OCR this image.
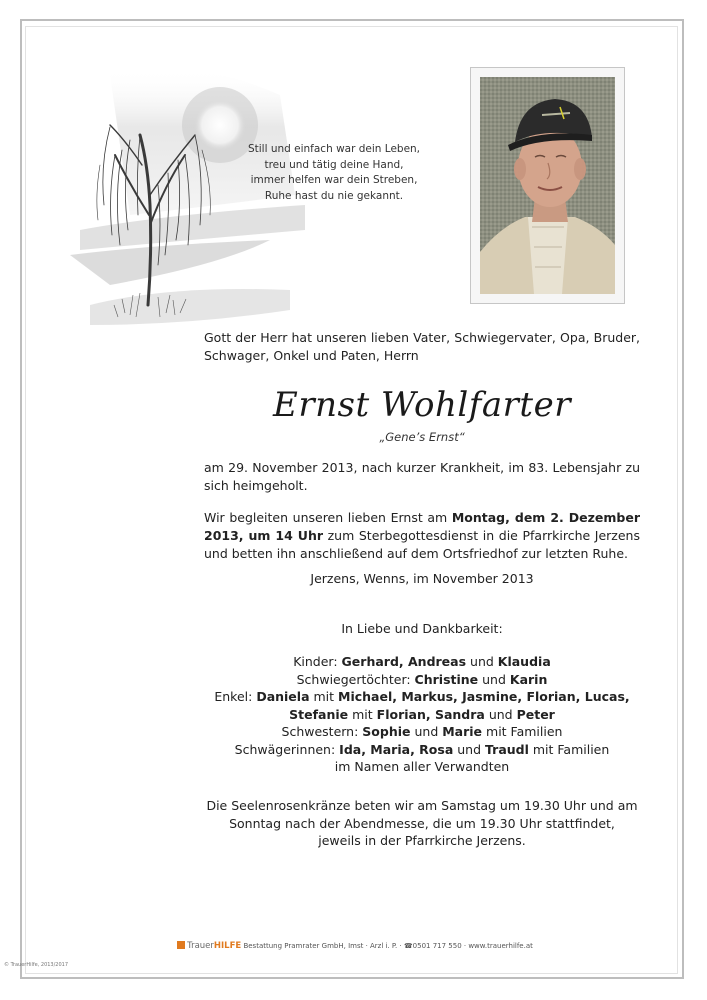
Still und einfach war dein Leben,
treu und tätig deine Hand,
immer helfen war dein Streben,
Ruhe hast du nie gekannt.
Gott der Herr hat unseren lieben Vater, Schwiegervater, Opa, Bruder, Schwager, Onkel und Paten, Herrn
Ernst Wohlfarter
„Gene’s Ernst“
am 29. November 2013, nach kurzer Krankheit, im 83. Lebensjahr zu sich heimgeholt.
Wir begleiten unseren lieben Ernst am Montag, dem 2. Dezember 2013, um 14 Uhr zum Sterbegottesdienst in die Pfarrkirche Jerzens und betten ihn anschließend auf dem Ortsfriedhof zur letzten Ruhe.
Jerzens, Wenns, im November 2013
In Liebe und Dankbarkeit:
Kinder: Gerhard, Andreas und Klaudia
Schwiegertöchter: Christine und Karin
Enkel: Daniela mit Michael, Markus, Jasmine, Florian, Lucas,
Stefanie mit Florian, Sandra und Peter
Schwestern: Sophie und Marie mit Familien
Schwägerinnen: Ida, Maria, Rosa und Traudl mit Familien
im Namen aller Verwandten
Die Seelenrosenkränze beten wir am Samstag um 19.30 Uhr und am
Sonntag nach der Abendmesse, die um 19.30 Uhr stattfindet,
jeweils in der Pfarrkirche Jerzens.
TrauerHILFE Bestattung Pramrater GmbH, Imst · Arzl i. P. · ☎0501 717 550 · www.trauerhilfe.at
© TrauerHilfe, 2013/2017
